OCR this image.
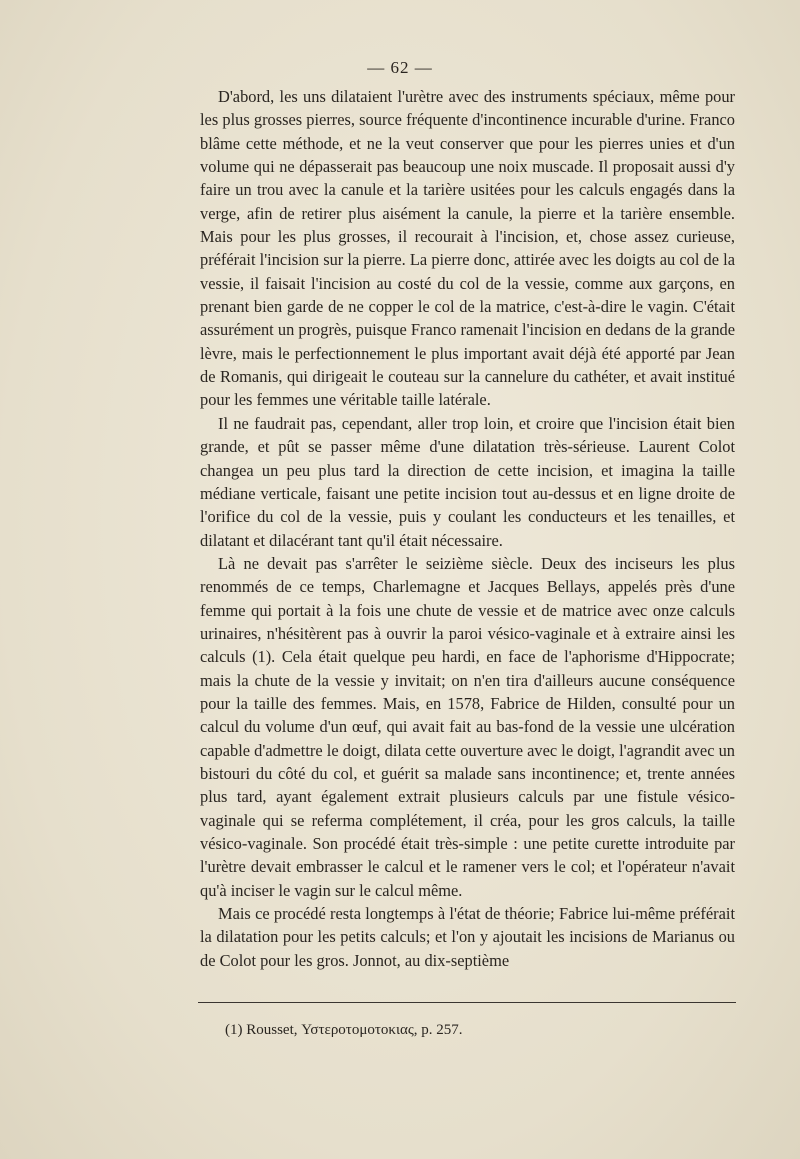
— 62 —

D'abord, les uns dilataient l'urètre avec des instruments spéciaux, même pour les plus grosses pierres, source fréquente d'incontinence incurable d'urine. Franco blâme cette méthode, et ne la veut conserver que pour les pierres unies et d'un volume qui ne dépasserait pas beaucoup une noix muscade. Il proposait aussi d'y faire un trou avec la canule et la tarière usitées pour les calculs engagés dans la verge, afin de retirer plus aisément la canule, la pierre et la tarière ensemble. Mais pour les plus grosses, il recourait à l'incision, et, chose assez curieuse, préférait l'incision sur la pierre. La pierre donc, attirée avec les doigts au col de la vessie, il faisait l'incision au costé du col de la vessie, comme aux garçons, en prenant bien garde de ne copper le col de la matrice, c'est-à-dire le vagin. C'était assurément un progrès, puisque Franco ramenait l'incision en dedans de la grande lèvre, mais le perfectionnement le plus important avait déjà été apporté par Jean de Romanis, qui dirigeait le couteau sur la cannelure du cathéter, et avait institué pour les femmes une véritable taille latérale.

Il ne faudrait pas, cependant, aller trop loin, et croire que l'incision était bien grande, et pût se passer même d'une dilatation très-sérieuse. Laurent Colot changea un peu plus tard la direction de cette incision, et imagina la taille médiane verticale, faisant une petite incision tout au-dessus et en ligne droite de l'orifice du col de la vessie, puis y coulant les conducteurs et les tenailles, et dilatant et dilacérant tant qu'il était nécessaire.

Là ne devait pas s'arrêter le seizième siècle. Deux des inciseurs les plus renommés de ce temps, Charlemagne et Jacques Bellays, appelés près d'une femme qui portait à la fois une chute de vessie et de matrice avec onze calculs urinaires, n'hésitèrent pas à ouvrir la paroi vésico-vaginale et à extraire ainsi les calculs (1). Cela était quelque peu hardi, en face de l'aphorisme d'Hippocrate; mais la chute de la vessie y invitait; on n'en tira d'ailleurs aucune conséquence pour la taille des femmes. Mais, en 1578, Fabrice de Hilden, consulté pour un calcul du volume d'un œuf, qui avait fait au bas-fond de la vessie une ulcération capable d'admettre le doigt, dilata cette ouverture avec le doigt, l'agrandit avec un bistouri du côté du col, et guérit sa malade sans incontinence; et, trente années plus tard, ayant également extrait plusieurs calculs par une fistule vésico-vaginale qui se referma complétement, il créa, pour les gros calculs, la taille vésico-vaginale. Son procédé était très-simple : une petite curette introduite par l'urètre devait embrasser le calcul et le ramener vers le col; et l'opérateur n'avait qu'à inciser le vagin sur le calcul même.

Mais ce procédé resta longtemps à l'état de théorie; Fabrice lui-même préférait la dilatation pour les petits calculs; et l'on y ajoutait les incisions de Marianus ou de Colot pour les gros. Jonnot, au dix-septième

(1) Rousset, Υστεροτομοτοκιας, p. 257.
